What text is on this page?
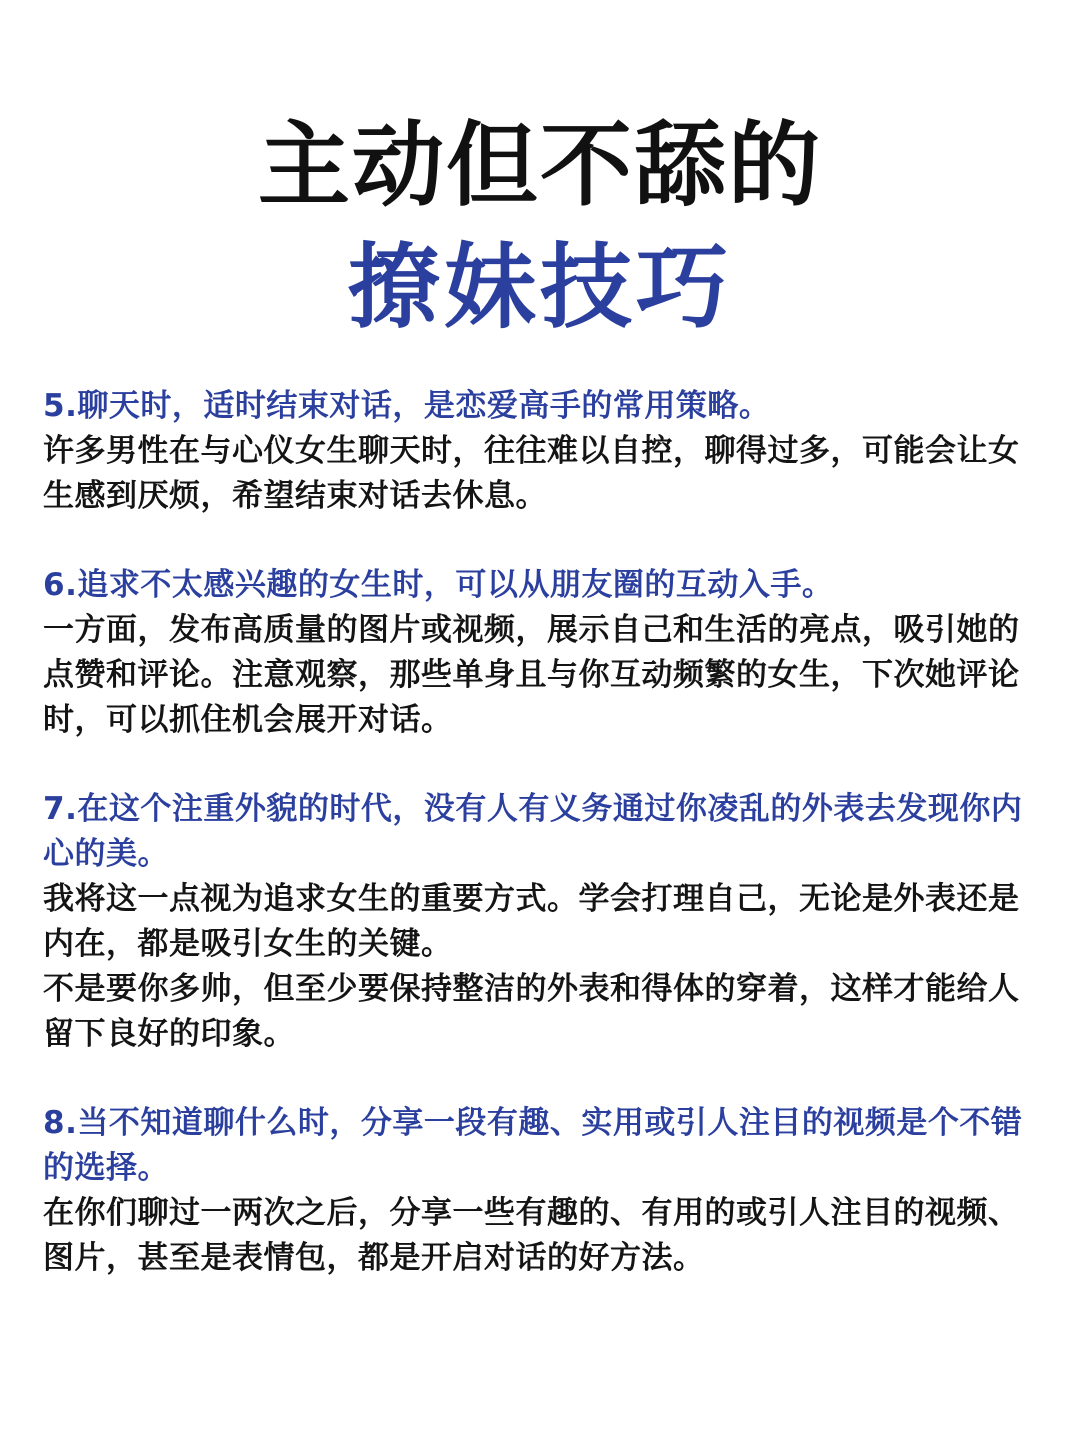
主动但不舔的
撩妹技巧
5.聊天时，适时结束对话，是恋爱高手的常用策略。
许多男性在与心仪女生聊天时，往往难以自控，聊得过多，可能会让女生感到厌烦，希望结束对话去休息。
6.追求不太感兴趣的女生时，可以从朋友圈的互动入手。
一方面，发布高质量的图片或视频，展示自己和生活的亮点，吸引她的点赞和评论。注意观察，那些单身且与你互动频繁的女生，下次她评论时，可以抓住机会展开对话。
7.在这个注重外貌的时代，没有人有义务通过你凌乱的外表去发现你内心的美。
我将这一点视为追求女生的重要方式。学会打理自己，无论是外表还是内在，都是吸引女生的关键。
不是要你多帅，但至少要保持整洁的外表和得体的穿着，这样才能给人留下良好的印象。
8.当不知道聊什么时，分享一段有趣、实用或引人注目的视频是个不错的选择。
在你们聊过一两次之后，分享一些有趣的、有用的或引人注目的视频、图片，甚至是表情包，都是开启对话的好方法。
